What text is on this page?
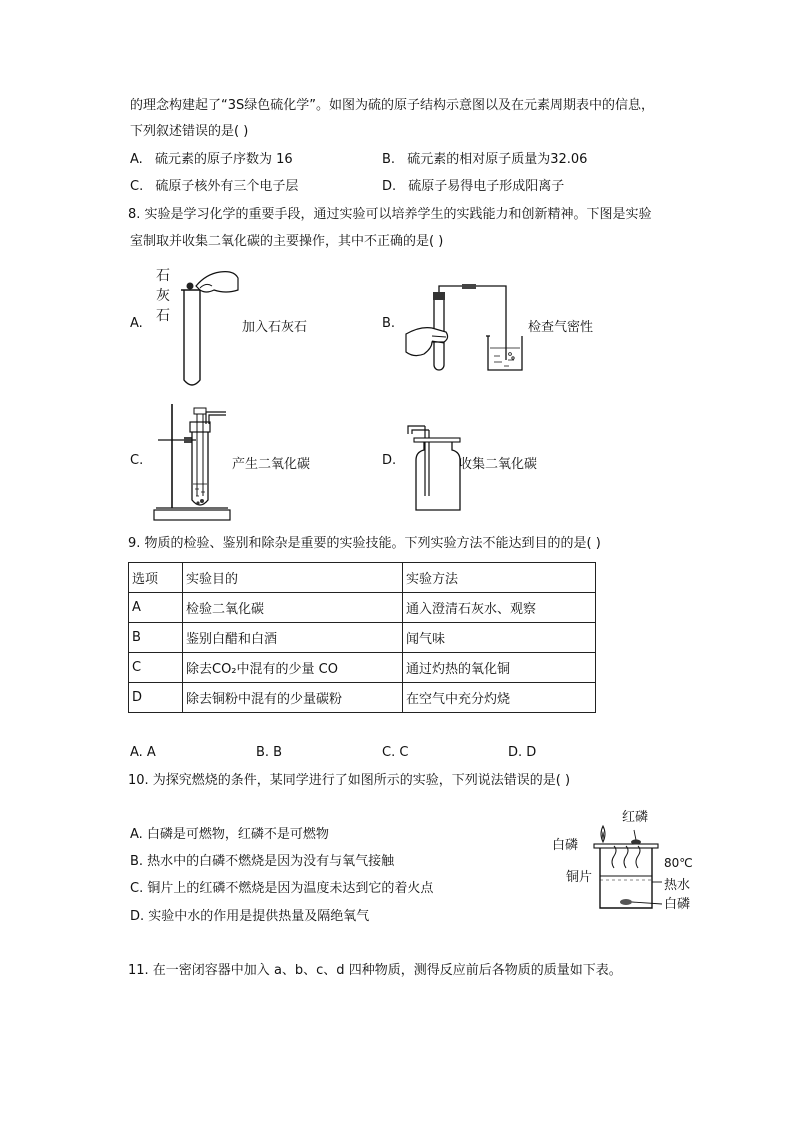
的理念构建起了“3S绿色硫化学”。如图为硫的原子结构示意图以及在元素周期表中的信息，
下列叙述错误的是( )
A. 硫元素的原子序数为 16	B. 硫元素的相对原子质量为32.06
C. 硫原子核外有三个电子层	D. 硫原子易得电子形成阳离子
8. 实验是学习化学的重要手段，通过实验可以培养学生的实践能力和创新精神。下图是实验
室制取并收集二氧化碳的主要操作，其中不正确的是( )
A.
石
灰
石
加入石灰石	B.	检查气密性
C.	产生二氧化碳	D.	收集二氧化碳
9. 物质的检验、鉴别和除杂是重要的实验技能。下列实验方法不能达到目的的是( )
选项	实验目的	实验方法
A	检验二氧化碳	通入澄清石灰水、观察
B	鉴别白醋和白酒	闻气味
C	除去CO₂中混有的少量 CO	通过灼热的氧化铜
D	除去铜粉中混有的少量碳粉	在空气中充分灼烧
A. A	B. B	C. C	D. D
10. 为探究燃烧的条件，某同学进行了如图所示的实验，下列说法错误的是( )
A. 白磷是可燃物，红磷不是可燃物
B. 热水中的白磷不燃烧是因为没有与氧气接触
C. 铜片上的红磷不燃烧是因为温度未达到它的着火点
D. 实验中水的作用是提供热量及隔绝氧气
红磷
白磷
铜片
80℃
热水
白磷
11. 在一密闭容器中加入 a、b、c、d 四种物质，测得反应前后各物质的质量如下表。
